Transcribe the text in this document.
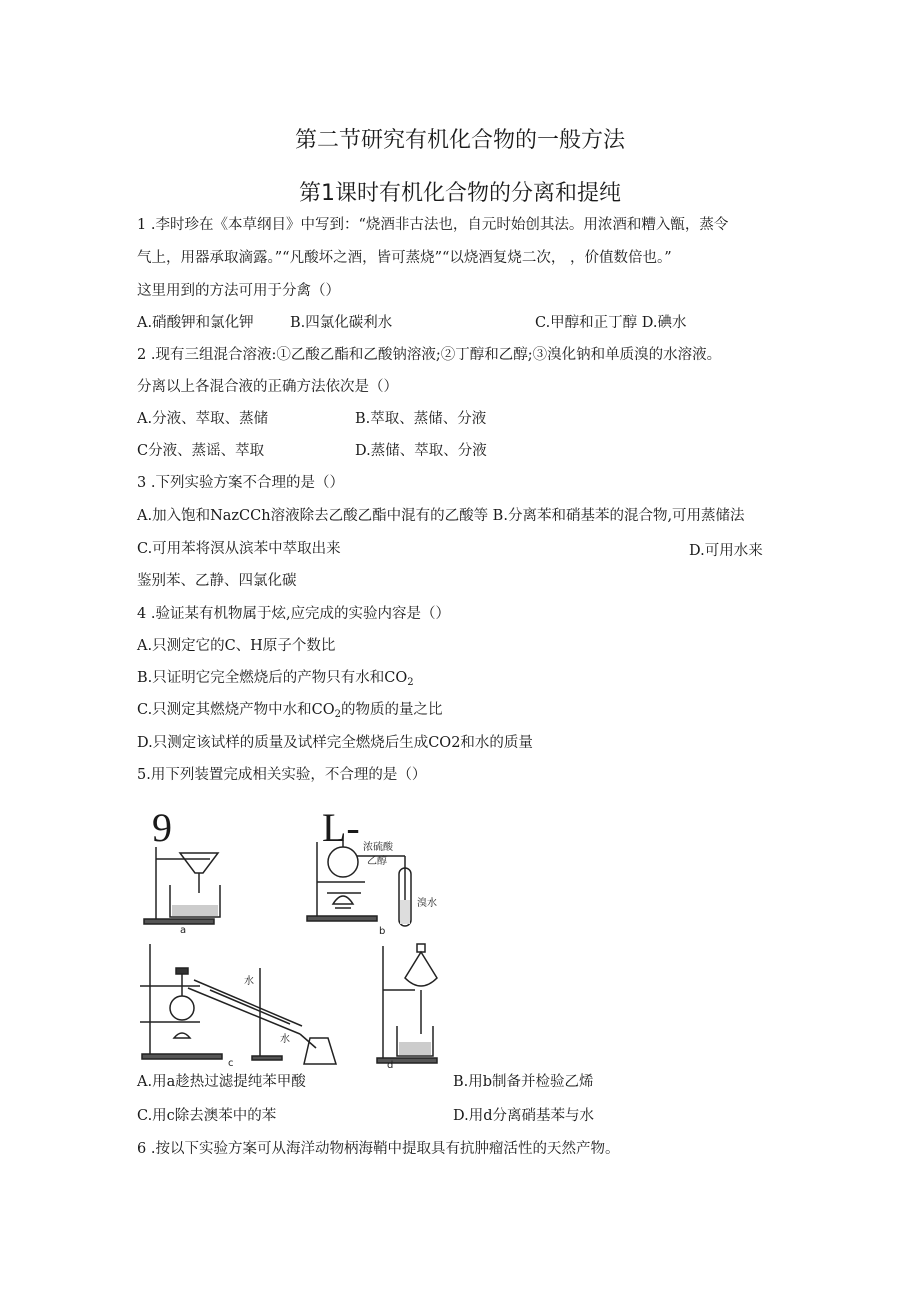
第二节研究有机化合物的一般方法
第1课时有机化合物的分离和提纯
1 .李时珍在《本草纲目》中写到：“烧酒非古法也，自元时始创其法。用浓酒和糟入甑，蒸令
气上，用器承取滴露。”“凡酸坏之酒，皆可蒸烧”“以烧酒复烧二次， ，价值数倍也。”
这里用到的方法可用于分禽（）
A.硝酸钾和氯化钾	B.四氯化碳利水	C.甲醇和正丁醇 D.碘水
2 .现有三组混合溶液:①乙酸乙酯和乙酸钠溶液;②丁醇和乙醇;③溴化钠和单质溴的水溶液。
分离以上各混合液的正确方法依次是（）
A.分液、萃取、蒸储	B.萃取、蒸储、分液
C分液、蒸谣、萃取	D.蒸储、萃取、分液
3 .下列实验方案不合理的是（）
A.加入饱和NazCCh溶液除去乙酸乙酯中混有的乙酸等 B.分离苯和硝基苯的混合物,可用蒸储法
C.可用苯将溟从滨苯中萃取出来	D.可用水来
鉴别苯、乙静、四氯化碳
4 .验证某有机物属于炫,应完成的实验内容是（）
A.只测定它的C、H原子个数比
B.只证明它完全燃烧后的产物只有水和$CO_2$
C.只测定其燃烧产物中水和$CO_2$的物质的量之比
D.只测定该试样的质量及试样完全燃烧后生成CO2和水的质量
5.用下列装置完成相关实验，不合理的是（）
9	L-
a
浓硫酸
乙醇
溴水
b
水
水
c	d
A.用a趁热过滤提纯苯甲酸	B.用b制备并检验乙烯
C.用c除去澳苯中的苯	D.用d分离硝基苯与水
6 .按以下实验方案可从海洋动物柄海鞘中提取具有抗肿瘤活性的天然产物。
